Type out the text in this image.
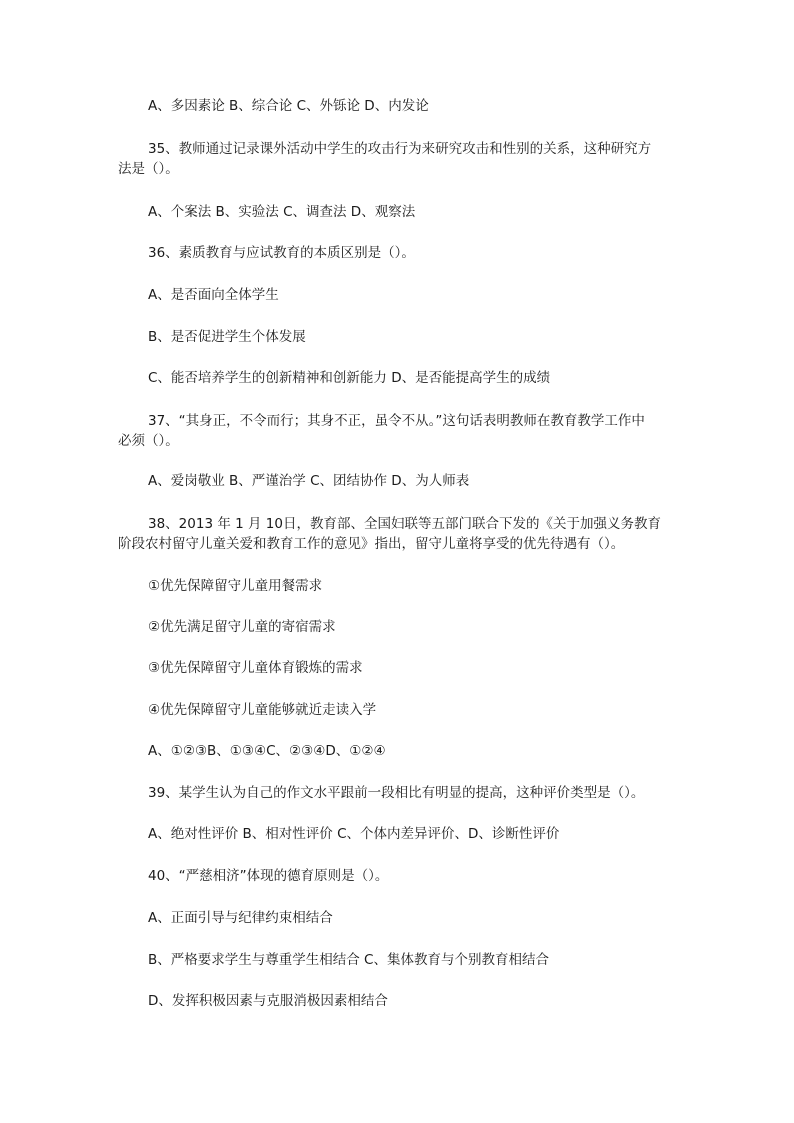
A、多因素论 B、综合论 C、外铄论 D、内发论
35、教师通过记录课外活动中学生的攻击行为来研究攻击和性别的关系，这种研究方
法是（）。
A、个案法 B、实验法 C、调查法 D、观察法
36、素质教育与应试教育的本质区别是（）。
A、是否面向全体学生
B、是否促进学生个体发展
C、能否培养学生的创新精神和创新能力 D、是否能提高学生的成绩
37、“其身正，不令而行；其身不正，虽令不从。”这句话表明教师在教育教学工作中
必须（）。
A、爱岗敬业 B、严谨治学 C、团结协作 D、为人师表
38、2013 年 1 月 10日，教育部、全国妇联等五部门联合下发的《关于加强义务教育
阶段农村留守儿童关爱和教育工作的意见》指出，留守儿童将享受的优先待遇有（）。
①优先保障留守儿童用餐需求
②优先满足留守儿童的寄宿需求
③优先保障留守儿童体育锻炼的需求
④优先保障留守儿童能够就近走读入学
A、①②③B、①③④C、②③④D、①②④
39、某学生认为自己的作文水平跟前一段相比有明显的提高，这种评价类型是（）。
A、绝对性评价 B、相对性评价 C、个体内差异评价、D、诊断性评价
40、“严慈相济”体现的德育原则是（）。
A、正面引导与纪律约束相结合
B、严格要求学生与尊重学生相结合 C、集体教育与个别教育相结合
D、发挥积极因素与克服消极因素相结合
